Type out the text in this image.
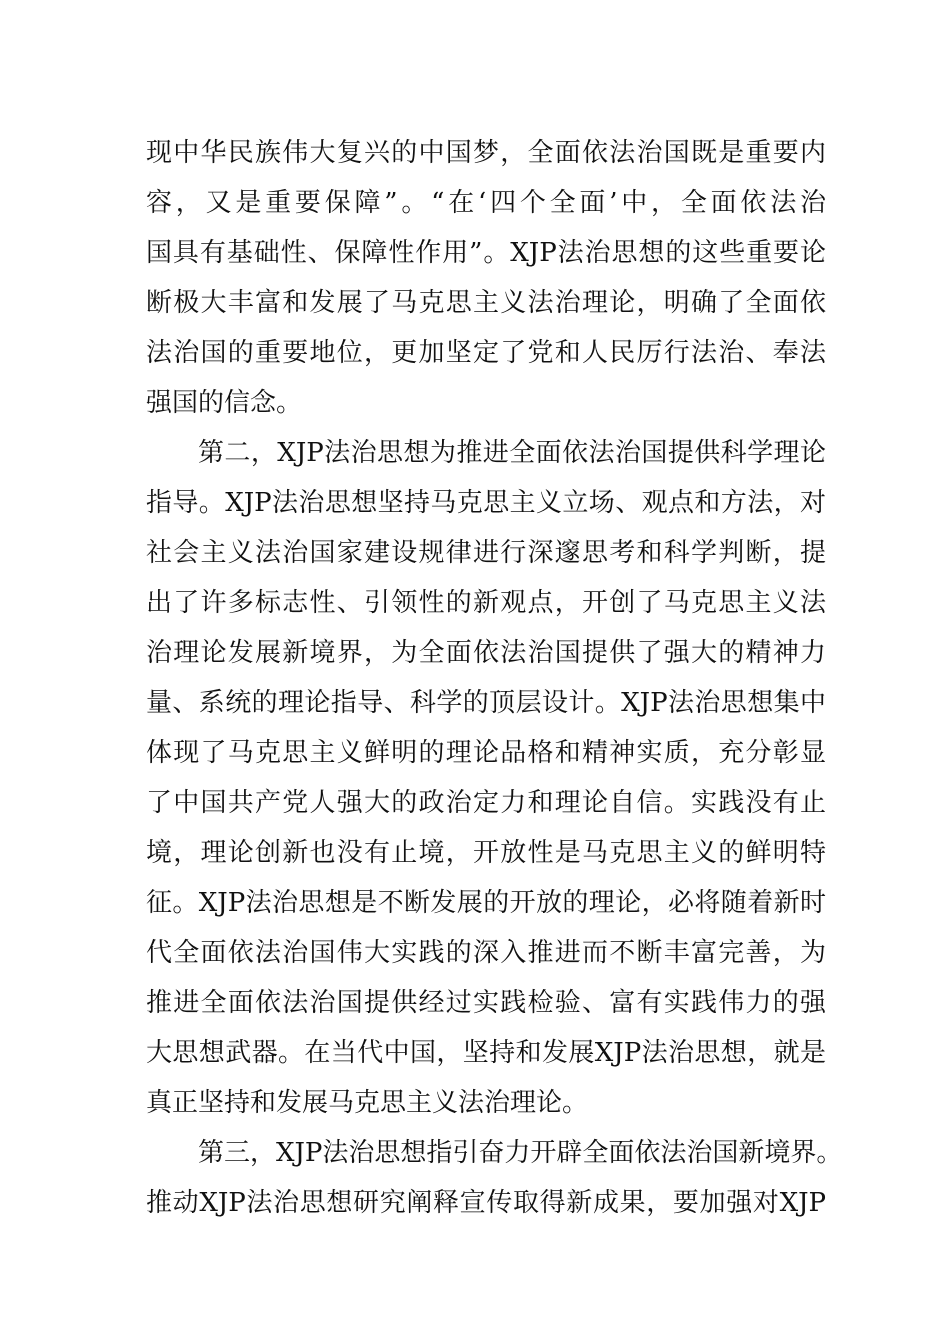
现中华民族伟大复兴的中国梦，全面依法治国既是重要内
容，又是重要保障”。“在‘四个全面’中，全面依法治
国具有基础性、保障性作用”。XJP法治思想的这些重要论
断极大丰富和发展了马克思主义法治理论，明确了全面依
法治国的重要地位，更加坚定了党和人民厉行法治、奉法
强国的信念。
第二，XJP法治思想为推进全面依法治国提供科学理论
指导。XJP法治思想坚持马克思主义立场、观点和方法，对
社会主义法治国家建设规律进行深邃思考和科学判断，提
出了许多标志性、引领性的新观点，开创了马克思主义法
治理论发展新境界，为全面依法治国提供了强大的精神力
量、系统的理论指导、科学的顶层设计。XJP法治思想集中
体现了马克思主义鲜明的理论品格和精神实质，充分彰显
了中国共产党人强大的政治定力和理论自信。实践没有止
境，理论创新也没有止境，开放性是马克思主义的鲜明特
征。XJP法治思想是不断发展的开放的理论，必将随着新时
代全面依法治国伟大实践的深入推进而不断丰富完善，为
推进全面依法治国提供经过实践检验、富有实践伟力的强
大思想武器。在当代中国，坚持和发展XJP法治思想，就是
真正坚持和发展马克思主义法治理论。
第三，XJP法治思想指引奋力开辟全面依法治国新境界。
推动XJP法治思想研究阐释宣传取得新成果，要加强对XJP
